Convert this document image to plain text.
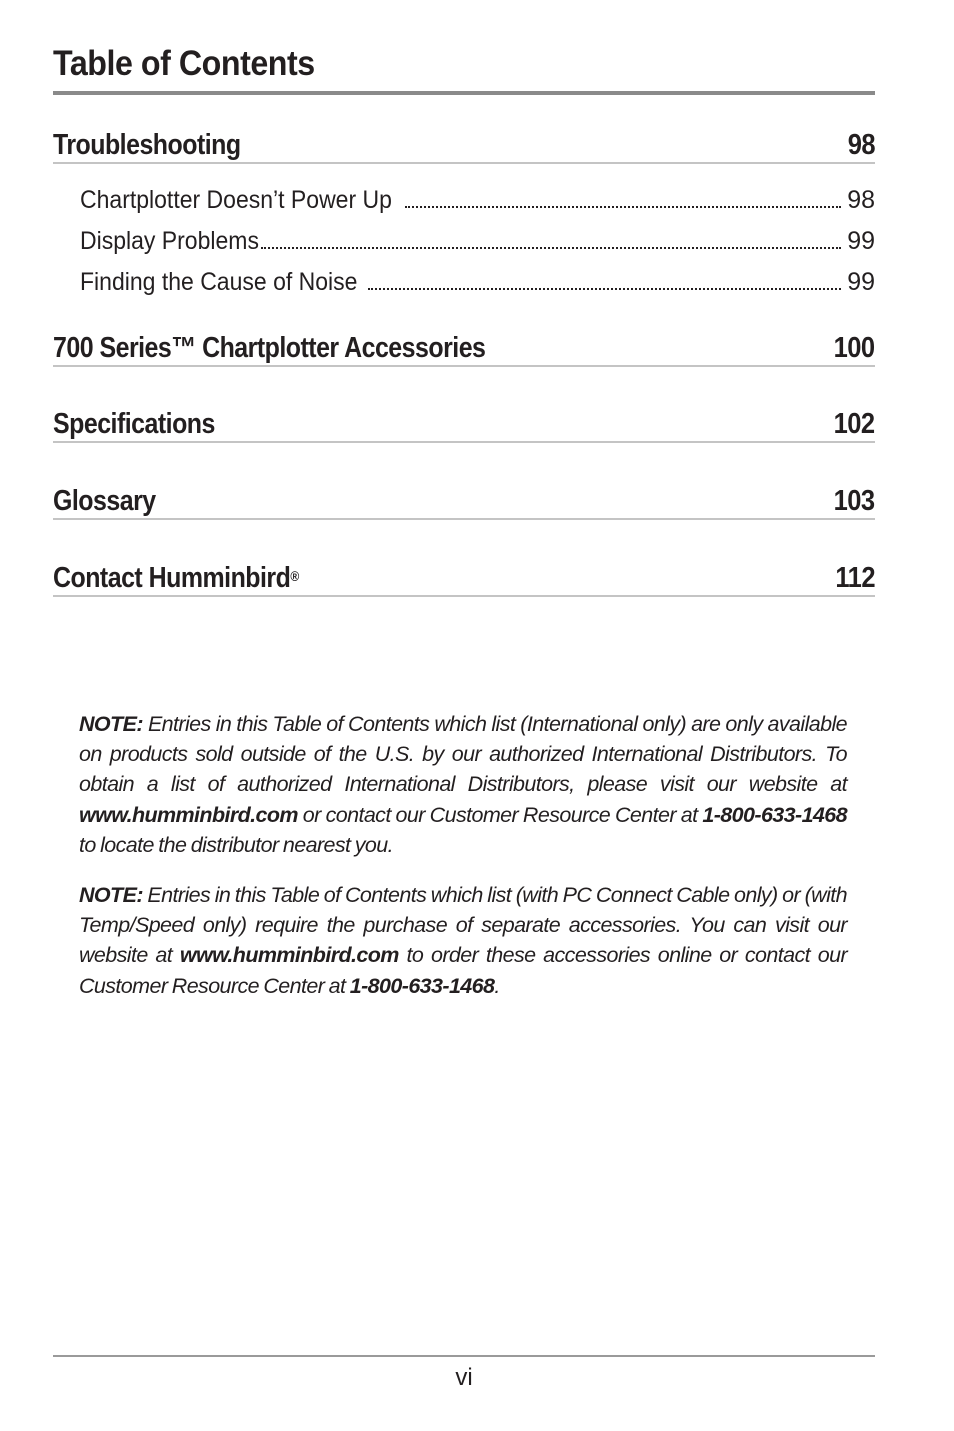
Table of Contents
Troubleshooting	98
Chartplotter Doesn’t Power Up	98
Display Problems	99
Finding the Cause of Noise	99
700 Series™ Chartplotter Accessories	100
Specifications	102
Glossary	103
Contact Humminbird®	112

NOTE: Entries in this Table of Contents which list (International only) are only available on products sold outside of the U.S. by our authorized International Distributors. To obtain a list of authorized International Distributors, please visit our website at www.humminbird.com or contact our Customer Resource Center at 1-800-633-1468 to locate the distributor nearest you.

NOTE: Entries in this Table of Contents which list (with PC Connect Cable only) or (with Temp/Speed only) require the purchase of separate accessories. You can visit our website at www.humminbird.com to order these accessories online or contact our Customer Resource Center at 1-800-633-1468.

vi
